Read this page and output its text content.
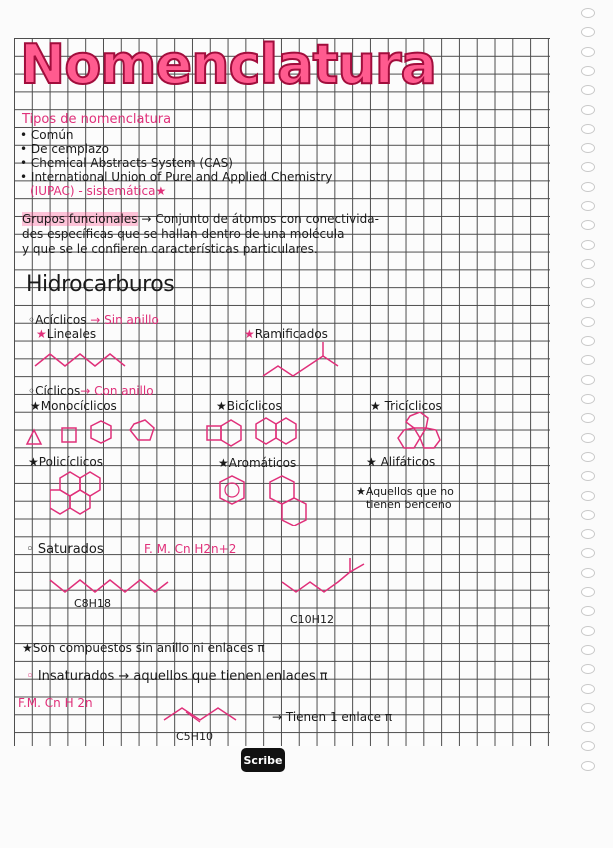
Nomenclatura
Tipos de nomenclatura
• Común
• De cemplazo
• Chemical Abstracts System (CAS)
• International Union of Pure and Applied Chemistry
(IUPAC) - sistemática★
Grupos funcionales → Conjunto de átomos con conectivida-
des específicas que se hallan dentro de una molécula
y que se le confieren características particulares.
Hidrocarburos
◦Acíclicos → Sin anillo
★Lineales	★Ramificados
◦Cíclicos→ Con anillo
★Monocíclicos	★Bicíclicos	★ Tricíclicos
★Policíclicos	★Aromáticos	★ Alifáticos
★Aquellos que no
tienen benceno
◦ Saturados	F. M. Cn H2n+2
C8H18
C10H12
★Son compuestos sin anillo ni enlaces π
◦ Insaturados → aquellos que tienen enlaces π
F.M. Cn H 2n
C5H10
→ Tienen 1 enlace π
Scribe
